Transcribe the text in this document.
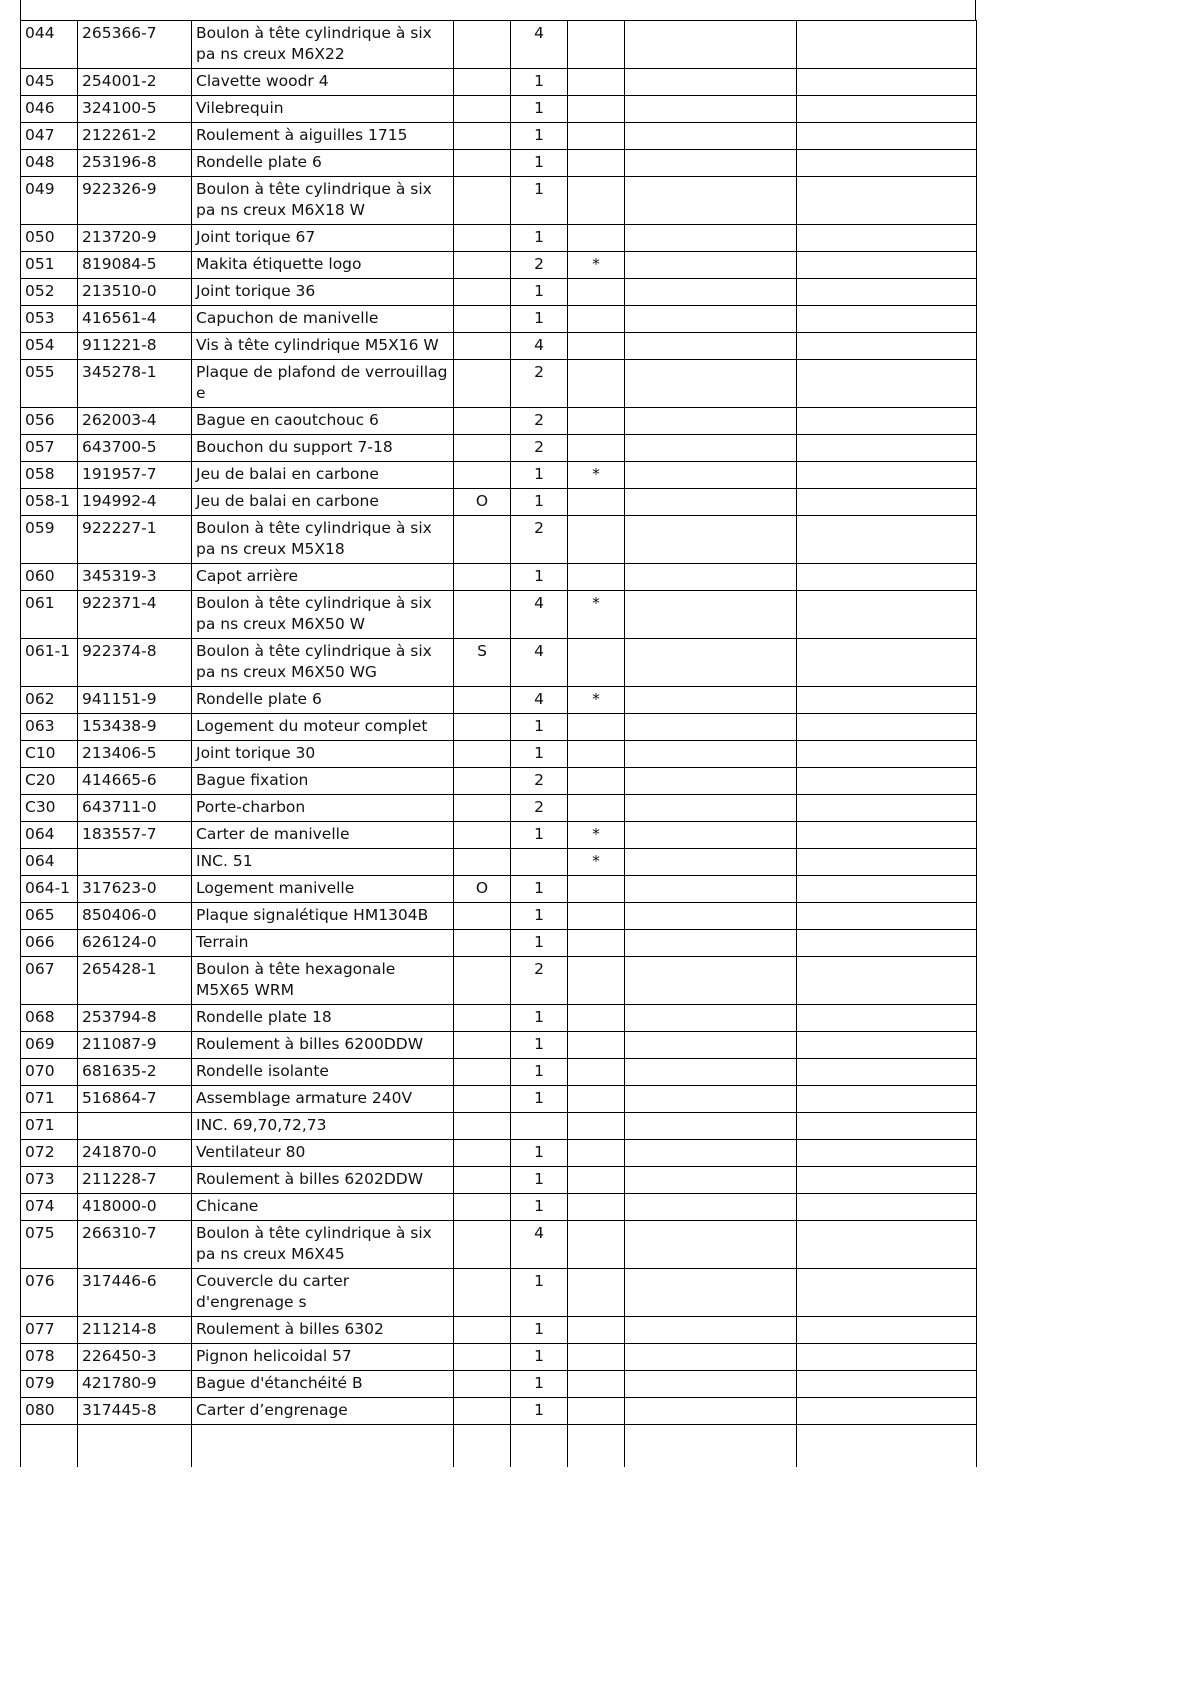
044	265366-7	Boulon à tête cylindrique à six pa ns creux M6X22		4			
045	254001-2	Clavette woodr 4		1			
046	324100-5	Vilebrequin		1			
047	212261-2	Roulement à aiguilles 1715		1			
048	253196-8	Rondelle plate 6		1			
049	922326-9	Boulon à tête cylindrique à six pa ns creux M6X18 W		1			
050	213720-9	Joint torique 67		1			
051	819084-5	Makita étiquette logo		2	*		
052	213510-0	Joint torique 36		1			
053	416561-4	Capuchon de manivelle		1			
054	911221-8	Vis à tête cylindrique M5X16 W		4			
055	345278-1	Plaque de plafond de verrouillag e		2			
056	262003-4	Bague en caoutchouc 6		2			
057	643700-5	Bouchon du support 7-18		2			
058	191957-7	Jeu de balai en carbone		1	*		
058-1	194992-4	Jeu de balai en carbone	O	1			
059	922227-1	Boulon à tête cylindrique à six pa ns creux M5X18		2			
060	345319-3	Capot arrière		1			
061	922371-4	Boulon à tête cylindrique à six pa ns creux M6X50 W		4	*		
061-1	922374-8	Boulon à tête cylindrique à six pa ns creux M6X50 WG	S	4			
062	941151-9	Rondelle plate 6		4	*		
063	153438-9	Logement du moteur complet		1			
C10	213406-5	Joint torique 30		1			
C20	414665-6	Bague fixation		2			
C30	643711-0	Porte-charbon		2			
064	183557-7	Carter de manivelle		1	*		
064		INC. 51			*		
064-1	317623-0	Logement manivelle	O	1			
065	850406-0	Plaque signalétique HM1304B		1			
066	626124-0	Terrain		1			
067	265428-1	Boulon à tête hexagonale M5X65 WRM		2			
068	253794-8	Rondelle plate 18		1			
069	211087-9	Roulement à billes 6200DDW		1			
070	681635-2	Rondelle isolante		1			
071	516864-7	Assemblage armature 240V		1			
071		INC. 69,70,72,73					
072	241870-0	Ventilateur 80		1			
073	211228-7	Roulement à billes 6202DDW		1			
074	418000-0	Chicane		1			
075	266310-7	Boulon à tête cylindrique à six pa ns creux M6X45		4			
076	317446-6	Couvercle du carter d'engrenage s		1			
077	211214-8	Roulement à billes 6302		1			
078	226450-3	Pignon helicoidal 57		1			
079	421780-9	Bague d'étanchéité B		1			
080	317445-8	Carter d’engrenage		1			
